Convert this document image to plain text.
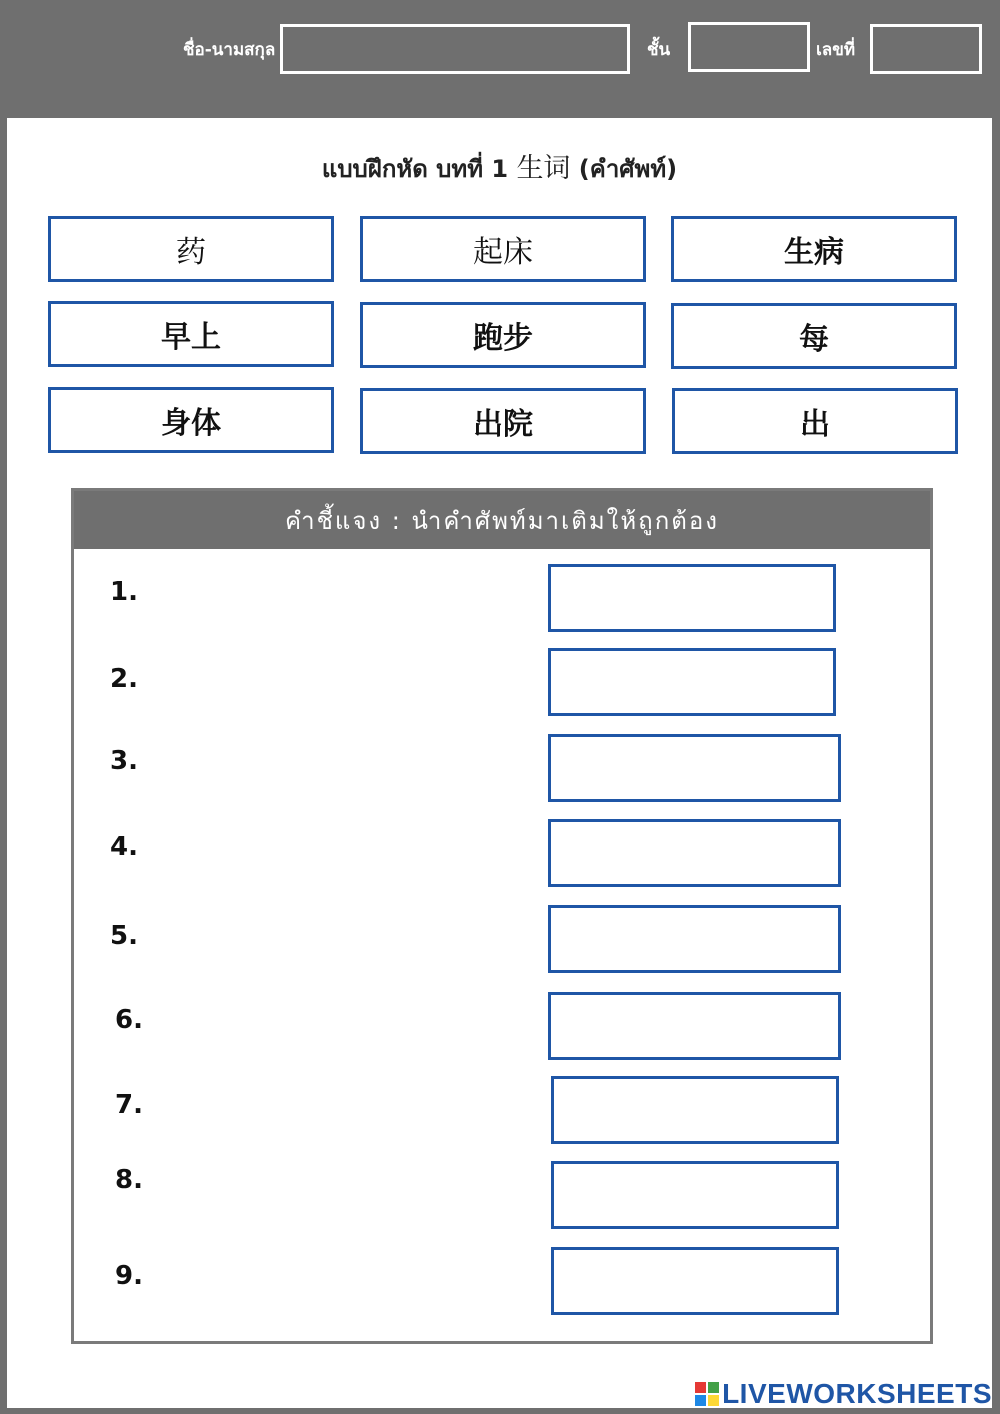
ชื่อ-นามสกุล	ชั้น	เลขที่
แบบฝึกหัด บทที่ 1 生词 (คำศัพท์)
药	起床	生病
早上	跑步	每
身体	出院	出
คำชี้แจง : นำคำศัพท์มาเติมให้ถูกต้อง
1.
2.
3.
4.
5.
6.
7.
8.
9.
LIVEWORKSHEETS
